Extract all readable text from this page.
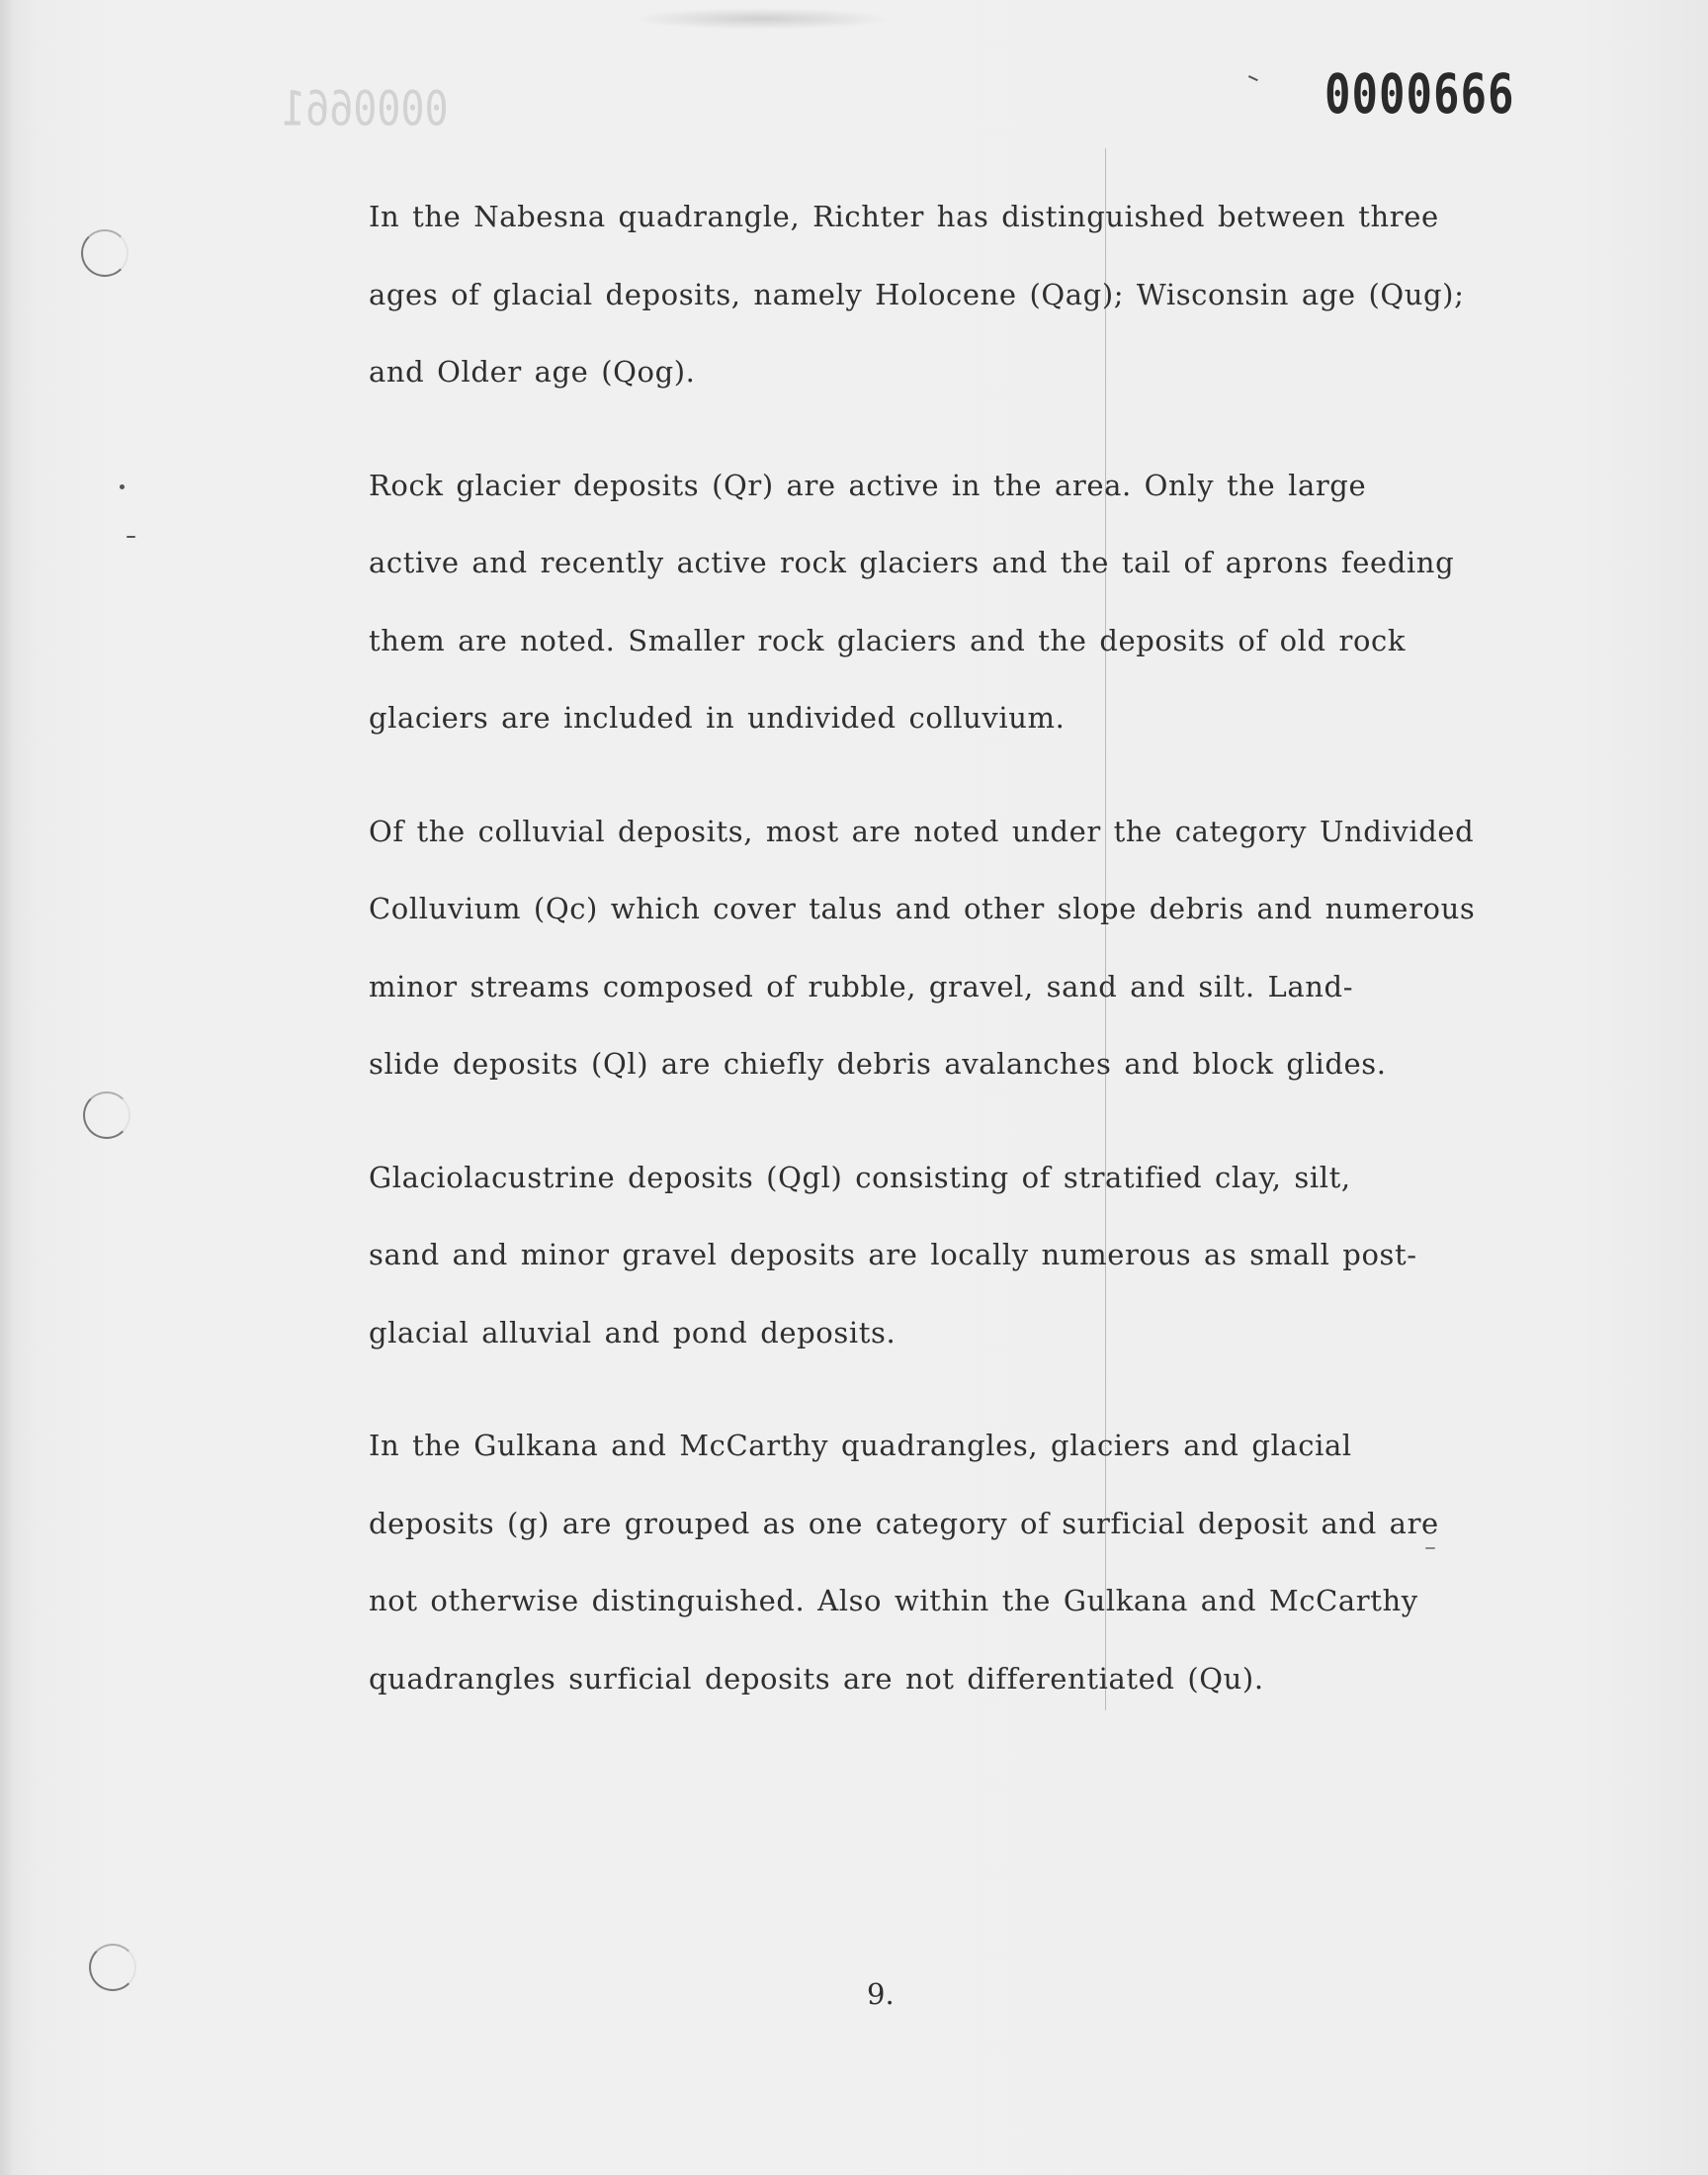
0000661	0000666

In the Nabesna quadrangle, Richter has distinguished between three
ages of glacial deposits, namely Holocene (Qag); Wisconsin age (Qug);
and Older age (Qog).

Rock glacier deposits (Qr) are active in the area. Only the large
active and recently active rock glaciers and the tail of aprons feeding
them are noted. Smaller rock glaciers and the deposits of old rock
glaciers are included in undivided colluvium.

Of the colluvial deposits, most are noted under the category Undivided
Colluvium (Qc) which cover talus and other slope debris and numerous
minor streams composed of rubble, gravel, sand and silt. Land-
slide deposits (Ql) are chiefly debris avalanches and block glides.

Glaciolacustrine deposits (Qgl) consisting of stratified clay, silt,
sand and minor gravel deposits are locally numerous as small post-
glacial alluvial and pond deposits.

In the Gulkana and McCarthy quadrangles, glaciers and glacial
deposits (g) are grouped as one category of surficial deposit and are
not otherwise distinguished. Also within the Gulkana and McCarthy
quadrangles surficial deposits are not differentiated (Qu).

9.
